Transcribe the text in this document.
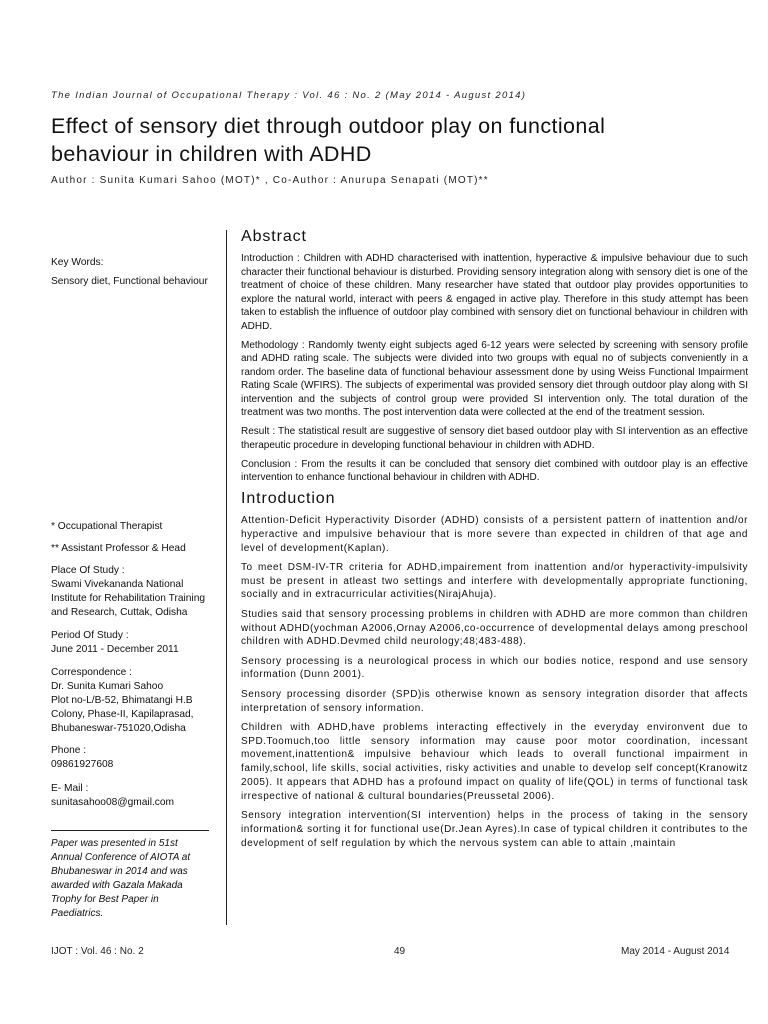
The Indian Journal of Occupational Therapy : Vol. 46 : No. 2 (May 2014 - August 2014)
Effect of sensory diet through outdoor play on functional
behaviour in children with ADHD
Author : Sunita Kumari Sahoo (MOT)* , Co-Author : Anurupa Senapati (MOT)**
Key Words:
Sensory diet, Functional behaviour
* Occupational Therapist
** Assistant Professor & Head
Place Of Study :
Swami Vivekananda National
Institute for Rehabilitation Training
and Research, Cuttak, Odisha
Period Of Study :
June 2011 - December 2011
Correspondence :
Dr. Sunita Kumari Sahoo
Plot no-L/B-52, Bhimatangi H.B
Colony, Phase-II, Kapilaprasad,
Bhubaneswar-751020,Odisha
Phone :
09861927608
E- Mail :
sunitasahoo08@gmail.com
Paper was presented in 51st Annual Conference of AIOTA at Bhubaneswar in 2014 and was awarded with Gazala Makada Trophy for Best Paper in Paediatrics.
Abstract

Introduction : Children with ADHD characterised with inattention, hyperactive & impulsive behaviour due to such character their functional behaviour is disturbed. Providing sensory integration along with sensory diet is one of the treatment of choice of these children. Many researcher have stated that outdoor play provides opportunities to explore the natural world, interact with peers & engaged in active play. Therefore in this study attempt has been taken to establish the influence of outdoor play combined with sensory diet on functional behaviour in children with ADHD.

Methodology : Randomly twenty eight subjects aged 6-12 years were selected by screening with sensory profile and ADHD rating scale. The subjects were divided into two groups with equal no of subjects conveniently in a random order. The baseline data of functional behaviour assessment done by using Weiss Functional Impairment Rating Scale (WFIRS). The subjects of experimental was provided sensory diet through outdoor play along with SI intervention and the subjects of control group were provided SI intervention only. The total duration of the treatment was two months. The post intervention data were collected at the end of the treatment session.

Result : The statistical result are suggestive of sensory diet based outdoor play with SI intervention as an effective therapeutic procedure in developing functional behaviour in children with ADHD.

Conclusion : From the results it can be concluded that sensory diet combined with outdoor play is an effective intervention to enhance functional behaviour in children with ADHD.

Introduction

Attention-Deficit Hyperactivity Disorder (ADHD) consists of a persistent pattern of inattention and/or hyperactive and impulsive behaviour that is more severe than expected in children of that age and level of development(Kaplan).

To meet DSM-IV-TR criteria for ADHD,impairement from inattention and/or hyperactivity-impulsivity must be present in atleast two settings and interfere with developmentally appropriate functioning, socially and in extracurricular activities(NirajAhuja).

Studies said that sensory processing problems in children with ADHD are more common than children without ADHD(yochman A2006,Ornay A2006,co-occurrence of developmental delays among preschool children with ADHD.Devmed child neurology;48;483-488).

Sensory processing is a neurological process in which our bodies notice, respond and use sensory information (Dunn 2001).

Sensory processing disorder (SPD)is otherwise known as sensory integration disorder that affects interpretation of sensory information.

Children with ADHD,have problems interacting effectively in the everyday environvent due to SPD.Toomuch,too little sensory information may cause poor motor coordination, incessant movement,inattention& impulsive behaviour which leads to overall functional impairment in family,school, life skills, social activities, risky activities and unable to develop self concept(Kranowitz 2005). It appears that ADHD has a profound impact on quality of life(QOL) in terms of functional task irrespective of national & cultural boundaries(Preussetal 2006).

Sensory integration intervention(SI intervention) helps in the process of taking in the sensory information& sorting it for functional use(Dr.Jean Ayres).In case of typical children it contributes to the development of self regulation by which the nervous system can able to attain ,maintain

IJOT : Vol. 46 : No. 2	49	May 2014 - August 2014
